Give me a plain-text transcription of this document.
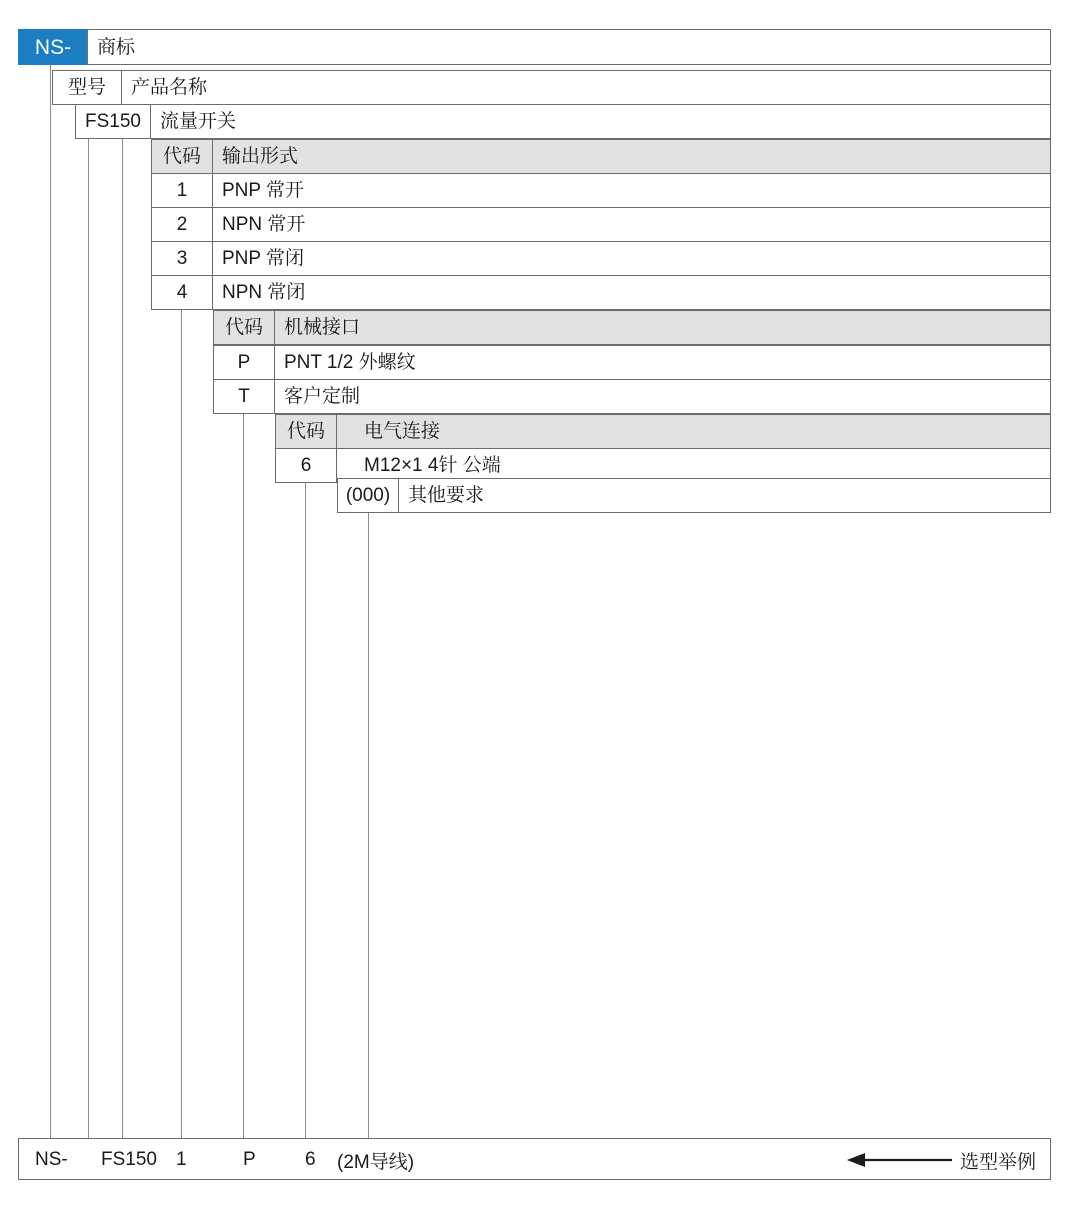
NS-	商标
型号	产品名称
FS150	流量开关
代码	输出形式
1	PNP 常开
2	NPN 常开
3	PNP 常闭
4	NPN 常闭
代码	机械接口
P	PNT 1/2 外螺纹
T	客户定制
代码	电气连接
6	M12×1 4针 公端
(000) 其他要求
NS- FS150 1	P	6 (2M导线)	选型举例
